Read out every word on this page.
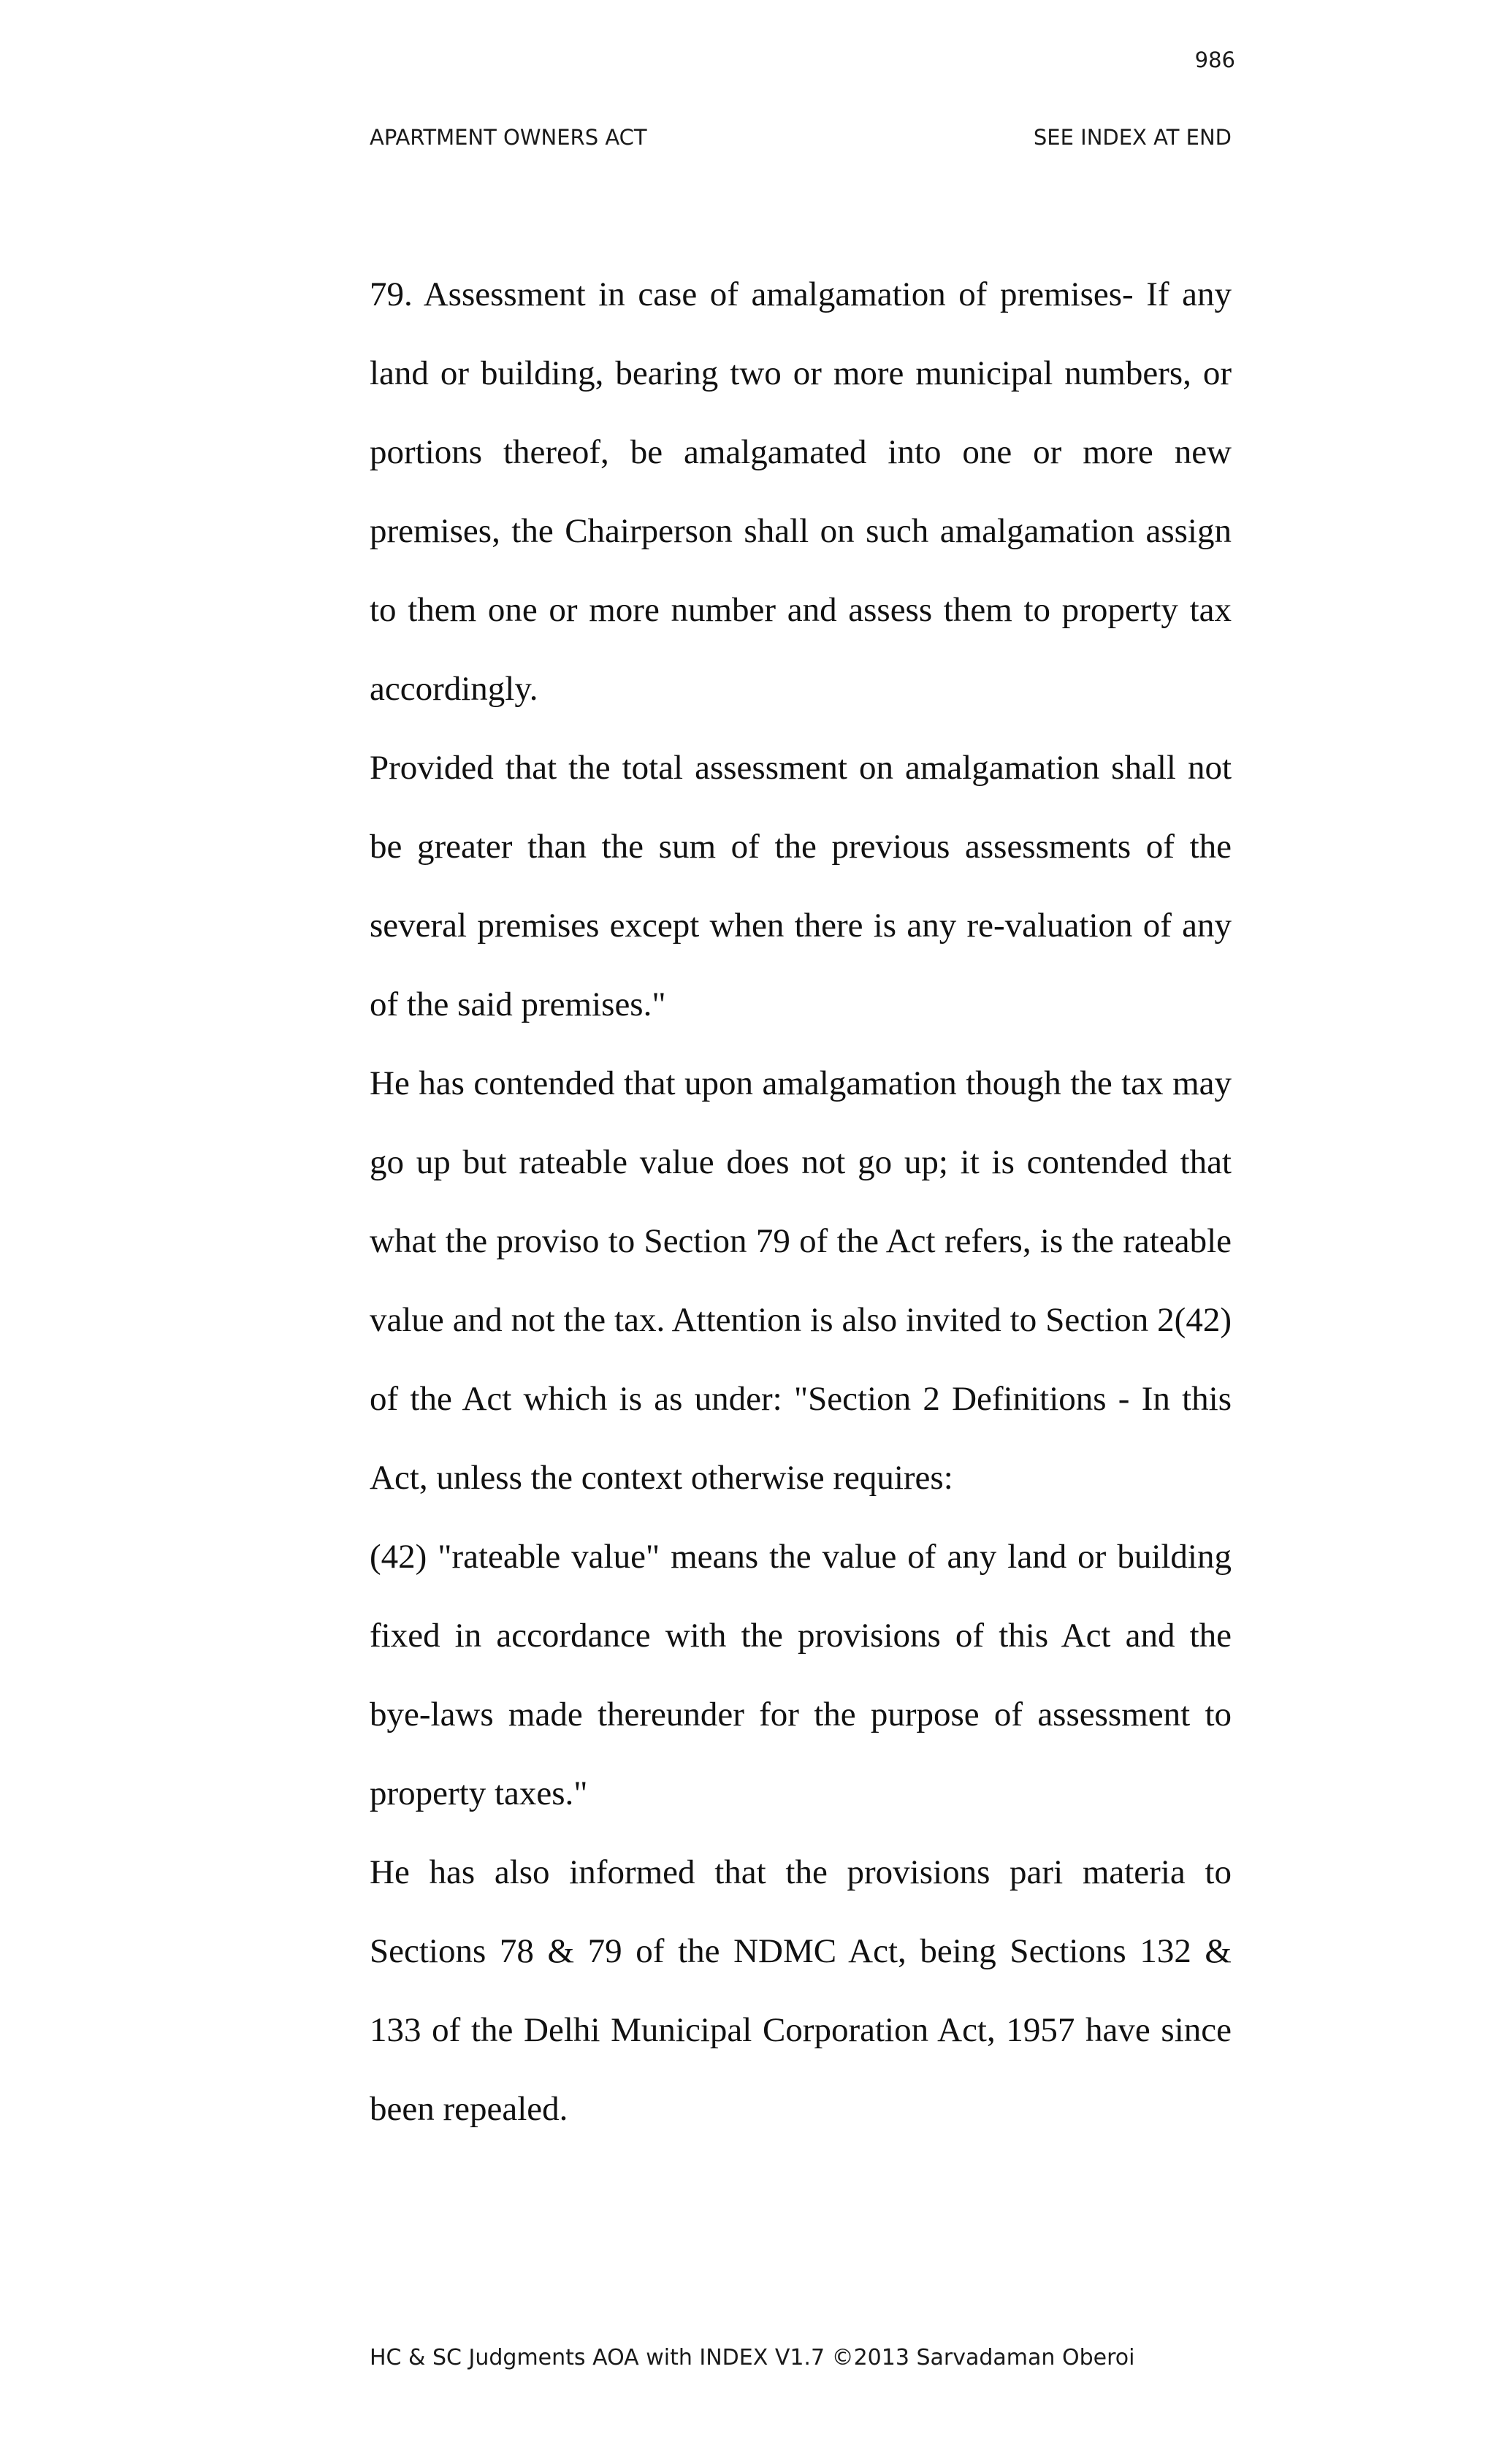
986
APARTMENT OWNERS ACT	SEE INDEX AT END

79. Assessment in case of amalgamation of premises- If any land or building, bearing two or more municipal numbers, or portions thereof, be amalgamated into one or more new premises, the Chairperson shall on such amalgamation assign to them one or more number and assess them to property tax accordingly.

Provided that the total assessment on amalgamation shall not be greater than the sum of the previous assessments of the several premises except when there is any re-valuation of any of the said premises."

He has contended that upon amalgamation though the tax may go up but rateable value does not go up; it is contended that what the proviso to Section 79 of the Act refers, is the rateable value and not the tax. Attention is also invited to Section 2(42) of the Act which is as under: "Section 2 Definitions - In this Act, unless the context otherwise requires:

(42) "rateable value" means the value of any land or building fixed in accordance with the provisions of this Act and the bye-laws made thereunder for the purpose of assessment to property taxes."

He has also informed that the provisions pari materia to Sections 78 & 79 of the NDMC Act, being Sections 132 & 133 of the Delhi Municipal Corporation Act, 1957 have since been repealed.

HC & SC Judgments AOA with INDEX V1.7 ©2013 Sarvadaman Oberoi
